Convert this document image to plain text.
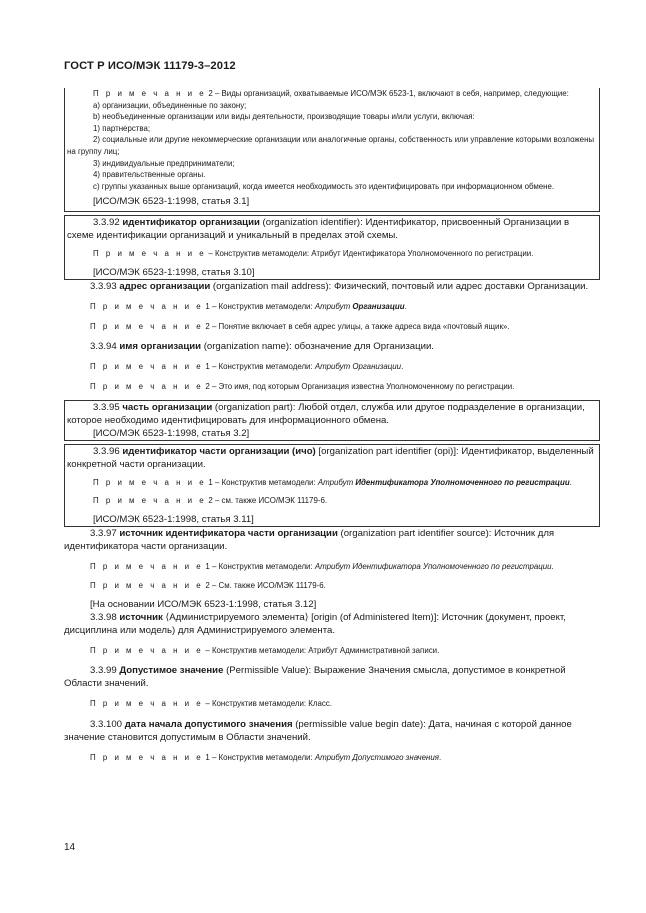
ГОСТ Р ИСО/МЭК 11179-3–2012

П р и м е ч а н и е 2 – Виды организаций, охватываемые ИСО/МЭК 6523-1, включают в себя, например, следующие:

а) организации, объединенные по закону;

b) необъединенные организации или виды деятельности, производящие товары и/или услуги, включая:

1) партнерства;

2) социальные или другие некоммерческие организации или аналогичные органы, собственность или управление которыми возложены на группу лиц;

3) индивидуальные предприниматели;

4) правительственные органы.

с) группы указанных выше организаций, когда имеется необходимость это идентифицировать при информационном обмене.

[ИСО/МЭК 6523-1:1998, статья 3.1]

3.3.92 идентификатор организации (organization identifier): Идентификатор, присвоенный Организации в схеме идентификации организаций и уникальный в пределах этой схемы.

П р и м е ч а н и е – Конструктив метамодели: Атрибут Идентификатора Уполномоченного по регистрации.

[ИСО/МЭК 6523-1:1998, статья 3.10]

3.3.93 адрес организации (organization mail address): Физический, почтовый или адрес доставки Организации.

П р и м е ч а н и е 1 – Конструктив метамодели: Атрибут Организации.

П р и м е ч а н и е 2 – Понятие включает в себя адрес улицы, а также адреса вида «почтовый ящик».

3.3.94 имя организации (organization name): обозначение для Организации.

П р и м е ч а н и е 1 – Конструктив метамодели: Атрибут Организации.

П р и м е ч а н и е 2 – Это имя, под которым Организация известна Уполномоченному по регистрации.

3.3.95 часть организации (organization part): Любой отдел, служба или другое подразделение в организации, которое необходимо идентифицировать для информационного обмена.

[ИСО/МЭК 6523-1:1998, статья 3.2]

3.3.96 идентификатор части организации (ичо) [organization part identifier (opi)]: Идентификатор, выделенный конкретной части организации.

П р и м е ч а н и е 1 – Конструктив метамодели: Атрибут Идентификатора Уполномоченного по регистрации.

П р и м е ч а н и е 2 – см. также ИСО/МЭК 11179-6.

[ИСО/МЭК 6523-1:1998, статья 3.11]

3.3.97 источник идентификатора части организации (organization part identifier source): Источник для идентификатора части организации.

П р и м е ч а н и е 1 – Конструктив метамодели: Атрибут Идентификатора Уполномоченного по регистрации.

П р и м е ч а н и е 2 – См. также ИСО/МЭК 11179-6.

[На основании ИСО/МЭК 6523-1:1998, статья 3.12]

3.3.98 источник ⟨Администрируемого элемента⟩ [origin (of Administered Item)]: Источник (документ, проект, дисциплина или модель) для Администрируемого элемента.

П р и м е ч а н и е – Конструктив метамодели: Атрибут Административной записи.

3.3.99 Допустимое значение (Permissible Value): Выражение Значения смысла, допустимое в конкретной Области значений.

П р и м е ч а н и е – Конструктив метамодели: Класс.

3.3.100 дата начала допустимого значения (permissible value begin date): Дата, начиная с которой данное значение становится допустимым в Области значений.

П р и м е ч а н и е 1 – Конструктив метамодели: Атрибут Допустимого значения.

14
